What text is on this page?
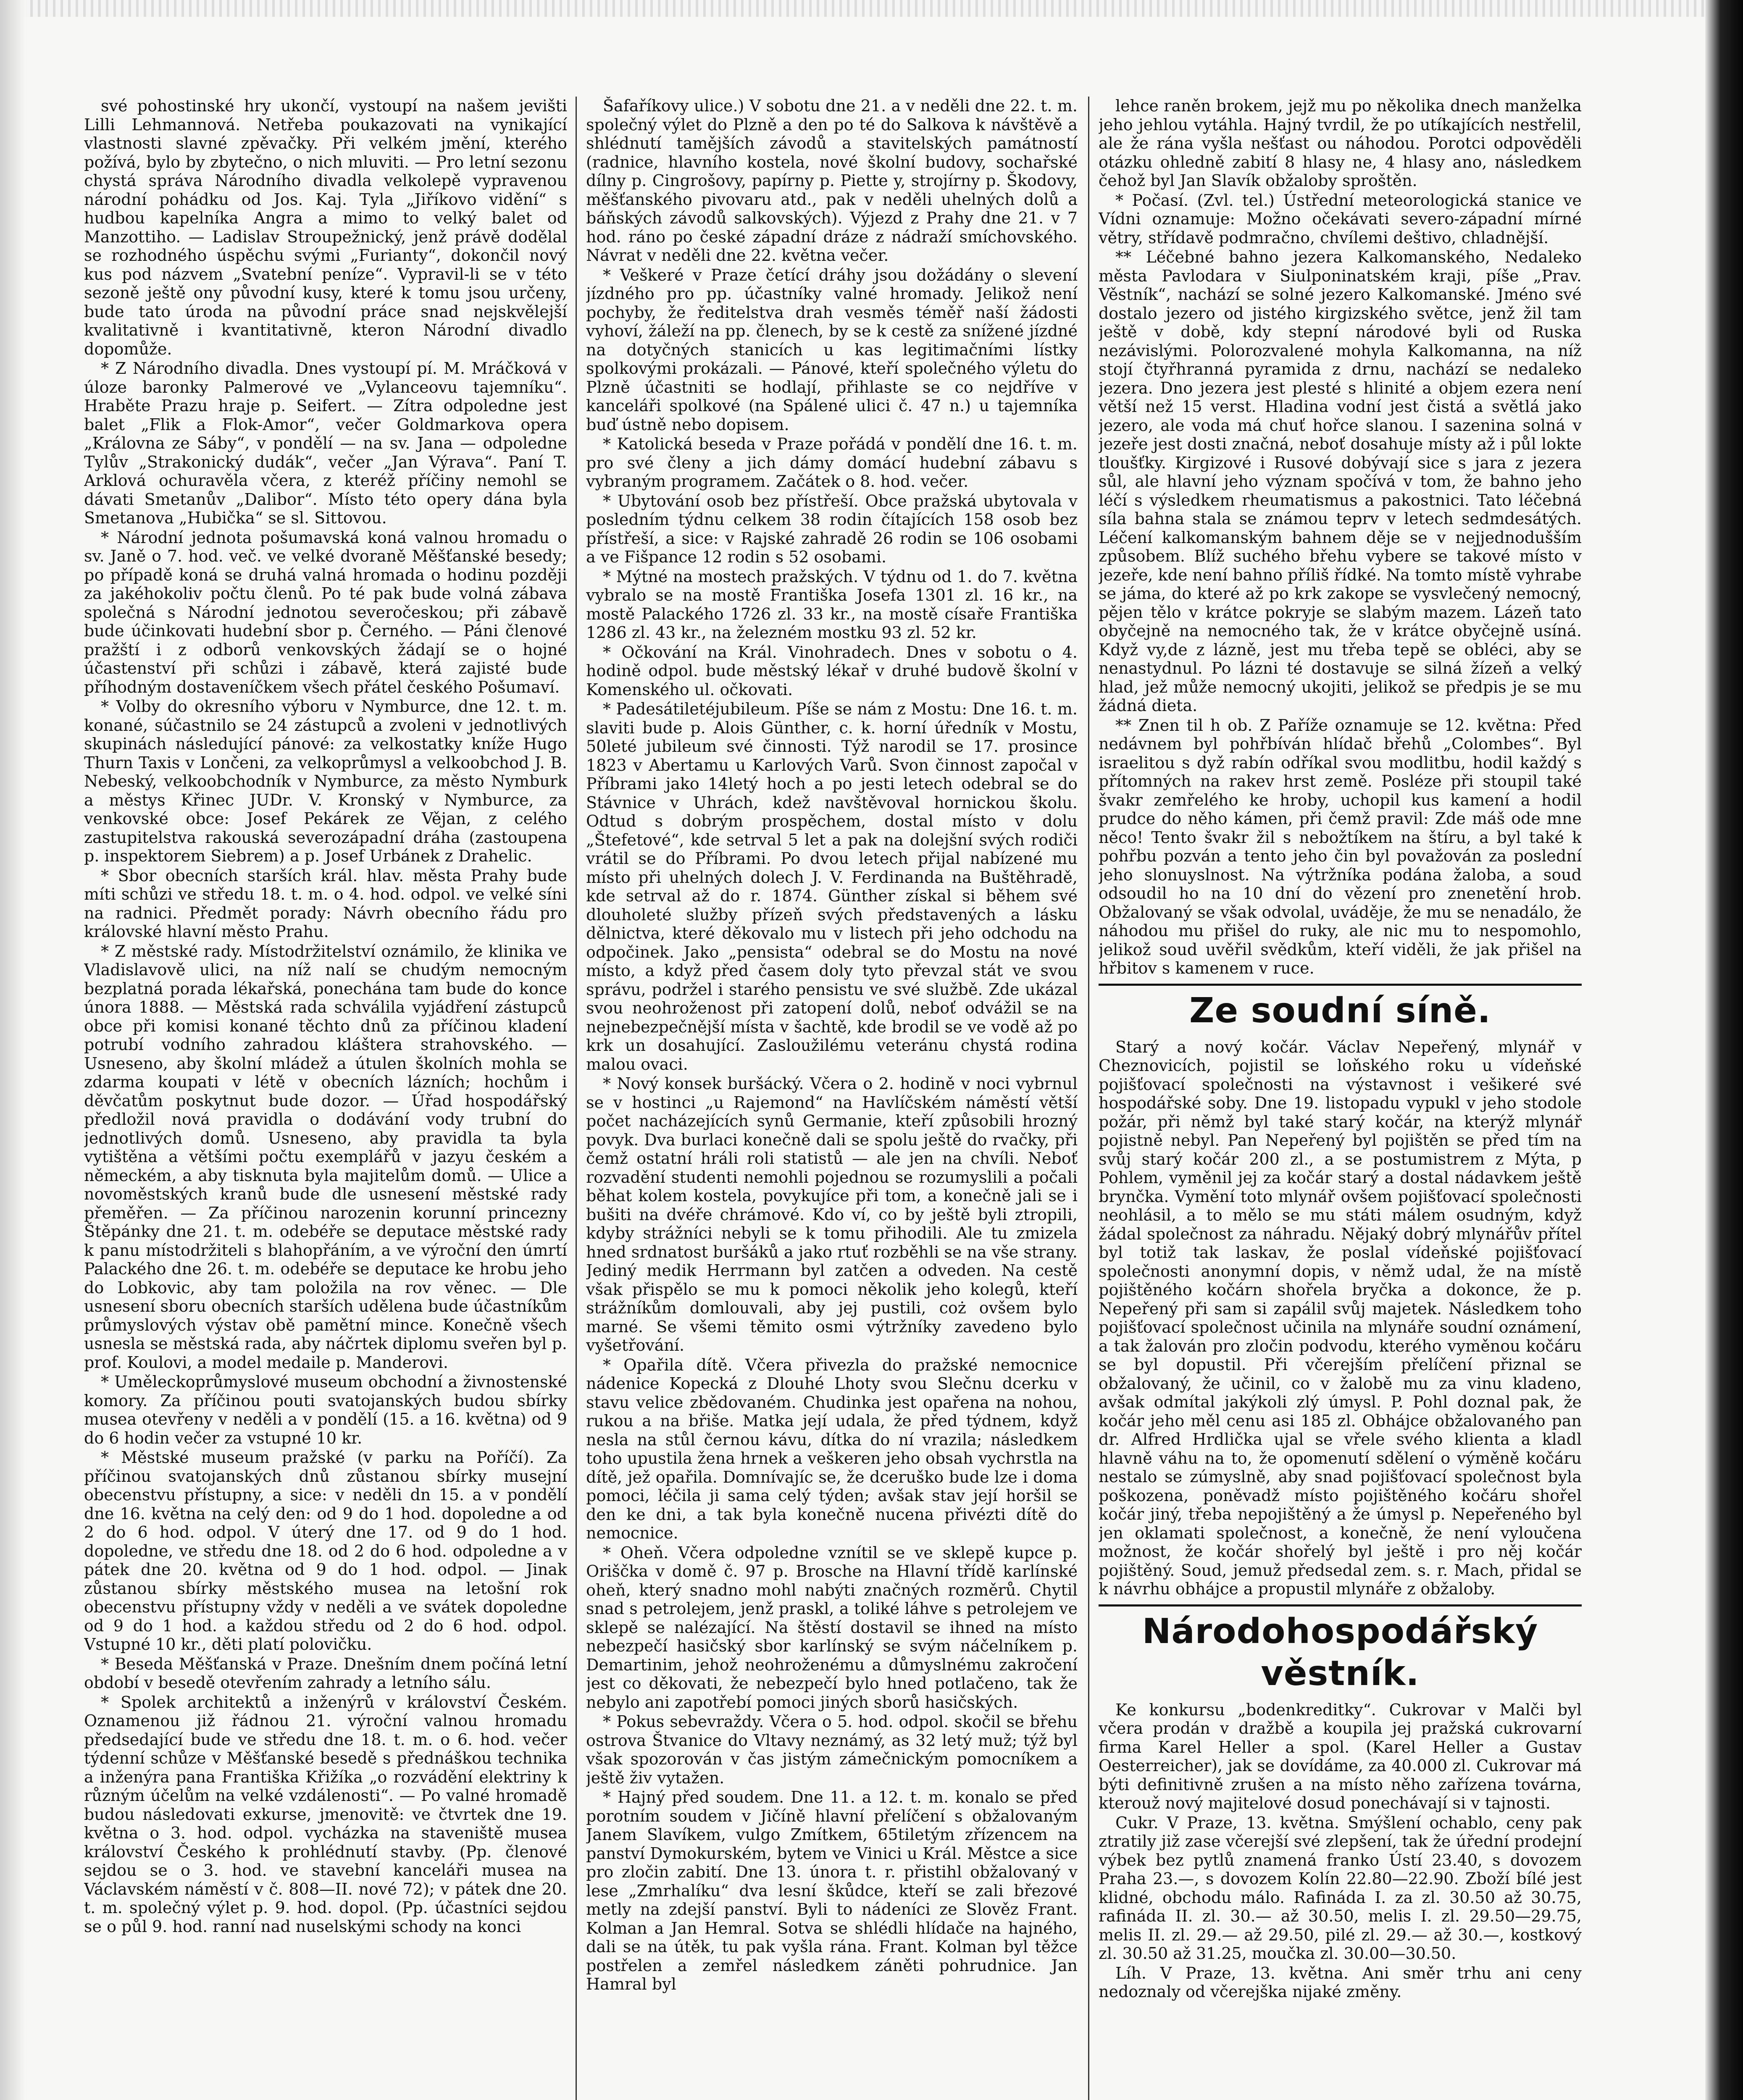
své pohostinské hry ukončí, vystoupí na našem jevišti Lilli Lehmannová. Netřeba poukazovati na vynikající vlastnosti slavné zpěvačky. Při velkém jmění, kterého požívá, bylo by zbytečno, o nich mluviti. — Pro letní sezonu chystá správa Národního divadla velkolepě vypravenou národní pohádku od Jos. Kaj. Tyla „Jiříkovo vidění“ s hudbou kapelníka Angra a mimo to velký balet od Manzottiho. — Ladislav Stroupežnický, jenž právě dodělal se rozhodného úspěchu svými „Furianty“, dokončil nový kus pod názvem „Svatební peníze“. Vypravil-li se v této sezoně ještě ony původní kusy, které k tomu jsou určeny, bude tato úroda na původní práce snad nejskvělejší kvalitativně i kvantitativně, kteron Národní divadlo dopomůže.

* Z Národního divadla. Dnes vystoupí pí. M. Mráčková v úloze baronky Palmerové ve „Vylanceovu tajemníku“. Hraběte Prazu hraje p. Seifert. — Zítra odpoledne jest balet „Flik a Flok-Amor“, večer Goldmarkova opera „Královna ze Sáby“, v pondělí — na sv. Jana — odpoledne Tylův „Strakonický dudák“, večer „Jan Výrava“. Paní T. Arklová ochuravěla včera, z kteréž příčiny nemohl se dávati Smetanův „Dalibor“. Místo této opery dána byla Smetanova „Hubička“ se sl. Sittovou.

* Národní jednota pošumavská koná valnou hromadu o sv. Janě o 7. hod. več. ve velké dvoraně Měšťanské besedy; po případě koná se druhá valná hromada o hodinu později za jakéhokoliv počtu členů. Po té pak bude volná zábava společná s Národní jednotou severočeskou; při zábavě bude účinkovati hudební sbor p. Černého. — Páni členové pražští i z odborů venkovských žádají se o hojné účastenství při schůzi i zábavě, která zajisté bude příhodným dostaveníčkem všech přátel českého Pošumaví.

* Volby do okresního výboru v Nymburce, dne 12. t. m. konané, súčastnilo se 24 zástupců a zvoleni v jednotlivých skupinách následující pánové: za velkostatky kníže Hugo Thurn Taxis v Lončeni, za velkoprůmysl a velkoobchod J. B. Nebeský, velkoobchodník v Nymburce, za město Nymburk a městys Křinec JUDr. V. Kronský v Nymburce, za venkovské obce: Josef Pekárek ze Vějan, z celého zastupitelstva rakouská severozápadní dráha (zastoupena p. inspektorem Siebrem) a p. Josef Urbánek z Drahelic.

* Sbor obecních starších král. hlav. města Prahy bude míti schůzi ve středu 18. t. m. o 4. hod. odpol. ve velké síni na radnici. Předmět porady: Návrh obecního řádu pro královské hlavní město Prahu.

* Z městské rady. Místodržitelství oznámilo, že klinika ve Vladislavově ulici, na níž nalí se chudým nemocným bezplatná porada lékařská, ponechána tam bude do konce února 1888. — Městská rada schválila vyjádření zástupců obce při komisi konané těchto dnů za příčinou kladení potrubí vodního zahradou kláštera strahovského. — Usneseno, aby školní mládež a útulen školních mohla se zdarma koupati v létě v obecních lázních; hochům i děvčatům poskytnut bude dozor. — Úřad hospodářský předložil nová pravidla o dodávání vody trubní do jednotlivých domů. Usneseno, aby pravidla ta byla vytištěna a většími počtu exemplářů v jazyu českém a německém, a aby tisknuta byla majitelům domů. — Ulice a novoměstských kranů bude dle usnesení městské rady přeměřen. — Za příčinou narozenin korunní princezny Štěpánky dne 21. t. m. odebéře se deputace městské rady k panu místodržiteli s blahopřáním, a ve výroční den úmrtí Palackého dne 26. t. m. odebéře se deputace ke hrobu jeho do Lobkovic, aby tam položila na rov věnec. — Dle usnesení sboru obecních starších udělena bude účastníkům průmyslových výstav obě pamětní mince. Konečně všech usnesla se městská rada, aby náčrtek diplomu sveřen byl p. prof. Koulovi, a model medaile p. Manderovi.

* Uměleckoprůmyslové museum obchodní a živnostenské komory. Za příčinou pouti svatojanských budou sbírky musea otevřeny v neděli a v pondělí (15. a 16. května) od 9 do 6 hodin večer za vstupné 10 kr.

* Městské museum pražské (v parku na Poříčí). Za příčinou svatojanských dnů zůstanou sbírky musejní obecenstvu přístupny, a sice: v neděli dn 15. a v pondělí dne 16. května na celý den: od 9 do 1 hod. dopoledne a od 2 do 6 hod. odpol. V úterý dne 17. od 9 do 1 hod. dopoledne, ve středu dne 18. od 2 do 6 hod. odpoledne a v pátek dne 20. května od 9 do 1 hod. odpol. — Jinak zůstanou sbírky městského musea na letošní rok obecenstvu přístupny vždy v neděli a ve svátek dopoledne od 9 do 1 hod. a každou středu od 2 do 6 hod. odpol. Vstupné 10 kr., děti platí polovičku.

* Beseda Měšťanská v Praze. Dnešním dnem počíná letní období v besedě otevřením zahrady a letního sálu.

* Spolek architektů a inženýrů v království Českém. Oznamenou již řádnou 21. výroční valnou hromadu předsedající bude ve středu dne 18. t. m. o 6. hod. večer týdenní schůze v Měšťanské besedě s přednáškou technika a inženýra pana Františka Křižíka „o rozvádění elektriny k různým účelům na velké vzdálenosti“. — Po valné hromadě budou následovati exkurse, jmenovitě: ve čtvrtek dne 19. května o 3. hod. odpol. vycházka na staveniště musea království Českého k prohlédnutí stavby. (Pp. členové sejdou se o 3. hod. ve stavební kanceláři musea na Václavském náměstí v č. 808—II. nové 72); v pátek dne 20. t. m. společný výlet p. 9. hod. dopol. (Pp. účastníci sejdou se o půl 9. hod. ranní nad nuselskými schody na konci

Šafaříkovy ulice.) V sobotu dne 21. a v neděli dne 22. t. m. společný výlet do Plzně a den po té do Salkova k návštěvě a shlédnutí tamějších závodů a stavitelských památností (radnice, hlavního kostela, nové školní budovy, sochařské dílny p. Cingrošovy, papírny p. Piette y, strojírny p. Škodovy, měšťanského pivovaru atd., pak v neděli uhelných dolů a báňských závodů salkovských). Výjezd z Prahy dne 21. v 7 hod. ráno po české západní dráze z nádraží smíchovského. Návrat v neděli dne 22. května večer.

* Veškeré v Praze četící dráhy jsou dožádány o slevení jízdného pro pp. účastníky valné hromady. Jelikož není pochyby, že ředitelstva drah vesměs téměř naší žádosti vyhoví, žáleží na pp. členech, by se k cestě za snížené jízdné na dotyčných stanicích u kas legitimačními lístky spolkovými prokázali. — Pánové, kteří společného výletu do Plzně účastniti se hodlají, přihlaste se co nejdříve v kanceláři spolkové (na Spálené ulici č. 47 n.) u tajemníka buď ústně nebo dopisem.

* Katolická beseda v Praze pořádá v pondělí dne 16. t. m. pro své členy a jich dámy domácí hudební zábavu s vybraným programem. Začátek o 8. hod. večer.

* Ubytování osob bez přístřeší. Obce pražská ubytovala v posledním týdnu celkem 38 rodin čítajících 158 osob bez přístřeší, a sice: v Rajské zahradě 26 rodin se 106 osobami a ve Fišpance 12 rodin s 52 osobami.

* Mýtné na mostech pražských. V týdnu od 1. do 7. května vybralo se na mostě Františka Josefa 1301 zl. 16 kr., na mostě Palackého 1726 zl. 33 kr., na mostě císaře Františka 1286 zl. 43 kr., na železném mostku 93 zl. 52 kr.

* Očkování na Král. Vinohradech. Dnes v sobotu o 4. hodině odpol. bude městský lékař v druhé budově školní v Komenského ul. očkovati.

* Padesátiletéjubileum. Píše se nám z Mostu: Dne 16. t. m. slaviti bude p. Alois Günther, c. k. horní úředník v Mostu, 50leté jubileum své činnosti. Týž narodil se 17. prosince 1823 v Abertamu u Karlových Varů. Svon činnost započal v Příbrami jako 14letý hoch a po jesti letech odebral se do Stávnice v Uhrách, kdež navštěvoval hornickou školu. Odtud s dobrým prospěchem, dostal místo v dolu „Štefetové“, kde setrval 5 let a pak na dolejšní svých rodiči vrátil se do Příbrami. Po dvou letech přijal nabízené mu místo při uhelných dolech J. V. Ferdinanda na Buštěhradě, kde setrval až do r. 1874. Günther získal si během své dlouholeté služby přízeň svých představených a lásku dělnictva, které děkovalo mu v listech při jeho odchodu na odpočinek. Jako „pensista“ odebral se do Mostu na nové místo, a když před časem doly tyto převzal stát ve svou správu, podržel i starého pensistu ve své službě. Zde ukázal svou neohroženost při zatopení dolů, neboť odvážil se na nejnebezpečnější místa v šachtě, kde brodil se ve vodě až po krk un dosahující. Zasloužilému veteránu chystá rodina malou ovaci.

* Nový konsek buršácký. Včera o 2. hodině v noci vybrnul se v hostinci „u Rajemond“ na Havlíčském náměstí větší počet nacházejících synů Germanie, kteří způsobili hrozný povyk. Dva burlaci konečně dali se spolu ještě do rvačky, při čemž ostatní hráli roli statistů — ale jen na chvíli. Neboť rozvadění studenti nemohli pojednou se rozumyslili a počali běhat kolem kostela, povykujíce při tom, a konečně jali se i bušiti na dvéře chrámové. Kdo ví, co by ještě byli ztropili, kdyby strážníci nebyli se k tomu přihodili. Ale tu zmizela hned srdnatost buršáků a jako rtuť rozběhli se na vše strany. Jediný medik Herrmann byl zatčen a odveden. Na cestě však přispělo se mu k pomoci několik jeho kolegů, kteří strážníkům domlouvali, aby jej pustili, coż ovšem bylo marné. Se všemi těmito osmi výtržníky zavedeno bylo vyšetřování.

* Opařila dítě. Včera přivezla do pražské nemocnice nádenice Kopecká z Dlouhé Lhoty svou Slečnu dcerku v stavu velice zbědovaném. Chudinka jest opařena na nohou, rukou a na břiše. Matka její udala, že před týdnem, když nesla na stůl černou kávu, dítka do ní vrazila; následkem toho upustila žena hrnek a veškeren jeho obsah vychrstla na dítě, jež opařila. Domnívajíc se, že dceruško bude lze i doma pomoci, léčila ji sama celý týden; avšak stav její horšil se den ke dni, a tak byla konečně nucena přivézti dítě do nemocnice.

* Oheň. Včera odpoledne vznítil se ve sklepě kupce p. Oriščka v domě č. 97 p. Brosche na Hlavní třídě karlínské oheň, který snadno mohl nabýti značných rozměrů. Chytil snad s petrolejem, jenž praskl, a toliké láhve s petrolejem ve sklepě se nalézající. Na štěstí dostavil se ihned na místo nebezpečí hasičský sbor karlínský se svým náčelníkem p. Demartinim, jehož neohroženému a důmyslnému zakročení jest co děkovati, že nebezpečí bylo hned potlačeno, tak že nebylo ani zapotřebí pomoci jiných sborů hasičských.

* Pokus sebevraždy. Včera o 5. hod. odpol. skočil se břehu ostrova Štvanice do Vltavy neznámý, as 32 letý muž; týž byl však spozorován v čas jistým zámečnickým pomocníkem a ještě živ vytažen.

* Hajný před soudem. Dne 11. a 12. t. m. konalo se před porotním soudem v Jičíně hlavní přelíčení s obžalovaným Janem Slavíkem, vulgo Zmítkem, 65tiletým zřízencem na panství Dymokurském, bytem ve Vinici u Král. Městce a sice pro zločin zabití. Dne 13. února t. r. přistihl obžalovaný v lese „Zmrhalíku“ dva lesní škůdce, kteří se zali březové metly na zdejší panství. Byli to nádeníci ze Slověz Frant. Kolman a Jan Hemral. Sotva se shlédli hlídače na hajného, dali se na útěk, tu pak vyšla rána. Frant. Kolman byl těžce postřelen a zemřel následkem záněti pohrudnice. Jan Hamral byl

lehce raněn brokem, jejž mu po několika dnech manželka jeho jehlou vytáhla. Hajný tvrdil, že po utíkajících nestřelil, ale že rána vyšla nešťast ou náhodou. Porotci odpověděli otázku ohledně zabití 8 hlasy ne, 4 hlasy ano, následkem čehož byl Jan Slavík obžaloby sproštěn.

* Počasí. (Zvl. tel.) Ústřední meteorologická stanice ve Vídni oznamuje: Možno očekávati severo-západní mírné větry, střídavě podmračno, chvílemi deštivo, chladnější.

** Léčebné bahno jezera Kalkomanského, Nedaleko města Pavlodara v Siulponinatském kraji, píše „Prav. Věstník“, nachází se solné jezero Kalkomanské. Jméno své dostalo jezero od jistého kirgizského světce, jenž žil tam ještě v době, kdy stepní národové byli od Ruska nezávislými. Polorozvalené mohyla Kalkomanna, na níž stojí čtyřhranná pyramida z drnu, nachází se nedaleko jezera. Dno jezera jest plesté s hlinité a objem ezera není větší než 15 verst. Hladina vodní jest čistá a světlá jako jezero, ale voda má chuť hořce slanou. I sazenina solná v jezeře jest dosti značná, neboť dosahuje místy až i půl lokte tloušťky. Kirgizové i Rusové dobývají sice s jara z jezera sůl, ale hlavní jeho význam spočívá v tom, že bahno jeho léčí s výsledkem rheumatismus a pakostnici. Tato léčebná síla bahna stala se známou teprv v letech sedmdesátých. Léčení kalkomanským bahnem děje se v nejjednodušším způsobem. Blíž suchého břehu vybere se takové místo v jezeře, kde není bahno příliš řídké. Na tomto místě vyhrabe se jáma, do které až po krk zakope se vysvlečený nemocný, pějen tělo v krátce pokryje se slabým mazem. Lázeň tato obyčejně na nemocného tak, že v krátce obyčejně usíná. Když vy,de z lázně, jest mu třeba tepě se obléci, aby se nenastydnul. Po lázni té dostavuje se silná žízeň a velký hlad, jež může nemocný ukojiti, jelikož se předpis je se mu žádná dieta.

** Znen til h ob. Z Paříže oznamuje se 12. května: Před nedávnem byl pohřbíván hlídač břehů „Colombes“. Byl israelitou s dyž rabín odříkal svou modlitbu, hodil každý s přítomných na rakev hrst země. Posléze při stoupil také švakr zemřelého ke hroby, uchopil kus kamení a hodil prudce do něho kámen, při čemž pravil: Zde máš ode mne něco! Tento švakr žil s nebožtíkem na štíru, a byl také k pohřbu pozván a tento jeho čin byl považován za poslední jeho slonuyslnost. Na výtržníka podána žaloba, a soud odsoudil ho na 10 dní do vězení pro znenetění hrob. Obžalovaný se však odvolal, uváděje, že mu se nenadálo, že náhodou mu přišel do ruky, ale nic mu to nespomohlo, jelikož soud uvěřil svědkům, kteří viděli, že jak přišel na hřbitov s kamenem v ruce.

Ze soudní síně.

Starý a nový kočár. Václav Nepeřený, mlynář v Cheznovicích, pojistil se loňského roku u vídeňské pojišťovací společnosti na výstavnost i vešikeré své hospodářské soby. Dne 19. listopadu vypukl v jeho stodole požár, při němž byl také starý kočár, na kterýž mlynář pojistně nebyl. Pan Nepeřený byl pojištěn se před tím na svůj starý kočár 200 zl., a se postumistrem z Mýta, p Pohlem, vyměnil jej za kočár starý a dostal nádavkem ještě brynčka. Vymění toto mlynář ovšem pojišťovací společnosti neohlásil, a to mělo se mu státi málem osudným, když žádal společnost za náhradu. Nějaký dobrý mlynářův přítel byl totiž tak laskav, že poslal vídeňské pojišťovací společnosti anonymní dopis, v němž udal, že na místě pojištěného kočárn shořela bryčka a dokonce, že p. Nepeřený při sam si zapálil svůj majetek. Následkem toho pojišťovací společnost učinila na mlynáře soudní oznámení, a tak žalován pro zločin podvodu, kterého vyměnou kočáru se byl dopustil. Při včerejším přelíčení přiznal se obžalovaný, že učinil, co v žalobě mu za vinu kladeno, avšak odmítal jakýkoli zlý úmysl. P. Pohl doznal pak, že kočár jeho měl cenu asi 185 zl. Obhájce obžalovaného pan dr. Alfred Hrdlička ujal se vřele svého klienta a kladl hlavně váhu na to, že opomenutí sdělení o výměně kočáru nestalo se zúmyslně, aby snad pojišťovací společnost byla poškozena, poněvadž místo pojištěného kočáru shořel kočár jiný, třeba nepojištěný a že úmysl p. Nepeřeného byl jen oklamati společnost, a konečně, že není vyloučena možnost, že kočár shořelý byl ještě i pro něj kočár pojištěný. Soud, jemuž předsedal zem. s. r. Mach, přidal se k návrhu obhájce a propustil mlynáře z obžaloby.

Národohospodářský věstník.

Ke konkursu „bodenkreditky“. Cukrovar v Malči byl včera prodán v dražbě a koupila jej pražská cukrovarní firma Karel Heller a spol. (Karel Heller a Gustav Oesterreicher), jak se dovídáme, za 40.000 zl. Cukrovar má býti definitivně zrušen a na místo něho zařízena továrna, kterouž nový majitelové dosud ponechávají si v tajnosti.

Cukr. V Praze, 13. května. Smýšlení ochablo, ceny pak ztratily již zase včerejší své zlepšení, tak že úřední prodejní výbek bez pytlů znamená franko Ústí 23.40, s dovozem Praha 23.—, s dovozem Kolín 22.80—22.90. Zboží bílé jest klidné, obchodu málo. Rafináda I. za zl. 30.50 až 30.75, rafináda II. zl. 30.— až 30.50, melis I. zl. 29.50—29.75, melis II. zl. 29.— až 29.50, pilé zl. 29.— až 30.—, kostkový zl. 30.50 až 31.25, moučka zl. 30.00—30.50.

Líh. V Praze, 13. května. Ani směr trhu ani ceny nedoznaly od včerejška nijaké změny.
